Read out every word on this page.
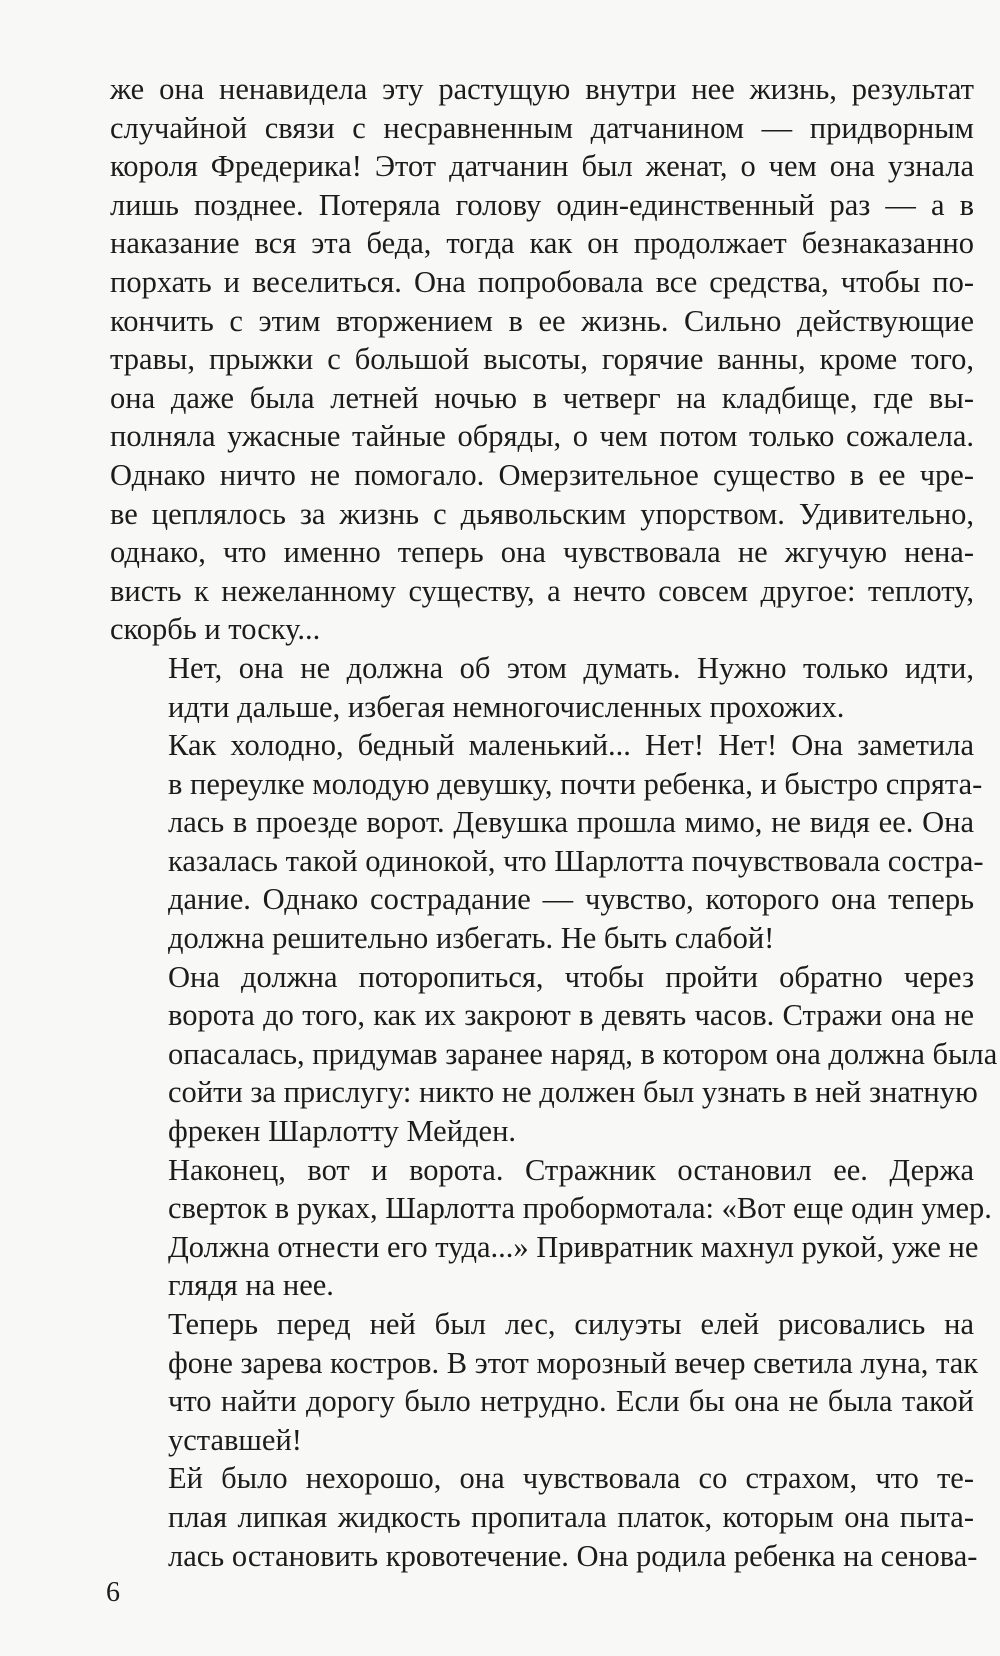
же она ненавидела эту растущую внутри нее жизнь, результат
случайной связи с несравненным датчанином — придворным
короля Фредерика! Этот датчанин был женат, о чем она узнала
лишь позднее. Потеряла голову один-единственный раз — а в
наказание вся эта беда, тогда как он продолжает безнаказанно
порхать и веселиться. Она попробовала все средства, чтобы по-
кончить с этим вторжением в ее жизнь. Сильно действующие
травы, прыжки с большой высоты, горячие ванны, кроме того,
она даже была летней ночью в четверг на кладбище, где вы-
полняла ужасные тайные обряды, о чем потом только сожалела.
Однако ничто не помогало. Омерзительное существо в ее чре-
ве цеплялось за жизнь с дьявольским упорством. Удивительно,
однако, что именно теперь она чувствовала не жгучую нена-
висть к нежеланному существу, а нечто совсем другое: теплоту,
скорбь и тоску...

Нет, она не должна об этом думать. Нужно только идти,
идти дальше, избегая немногочисленных прохожих.

Как холодно, бедный маленький... Нет! Нет! Она заметила
в переулке молодую девушку, почти ребенка, и быстро спрята-
лась в проезде ворот. Девушка прошла мимо, не видя ее. Она
казалась такой одинокой, что Шарлотта почувствовала состра-
дание. Однако сострадание — чувство, которого она теперь
должна решительно избегать. Не быть слабой!

Она должна поторопиться, чтобы пройти обратно через
ворота до того, как их закроют в девять часов. Стражи она не
опасалась, придумав заранее наряд, в котором она должна была
сойти за прислугу: никто не должен был узнать в ней знатную
фрекен Шарлотту Мейден.

Наконец, вот и ворота. Стражник остановил ее. Держа
сверток в руках, Шарлотта пробормотала: «Вот еще один умер.
Должна отнести его туда...» Привратник махнул рукой, уже не
глядя на нее.

Теперь перед ней был лес, силуэты елей рисовались на
фоне зарева костров. В этот морозный вечер светила луна, так
что найти дорогу было нетрудно. Если бы она не была такой
уставшей!

Ей было нехорошо, она чувствовала со страхом, что те-
плая липкая жидкость пропитала платок, которым она пыта-
лась остановить кровотечение. Она родила ребенка на сенова-

6
